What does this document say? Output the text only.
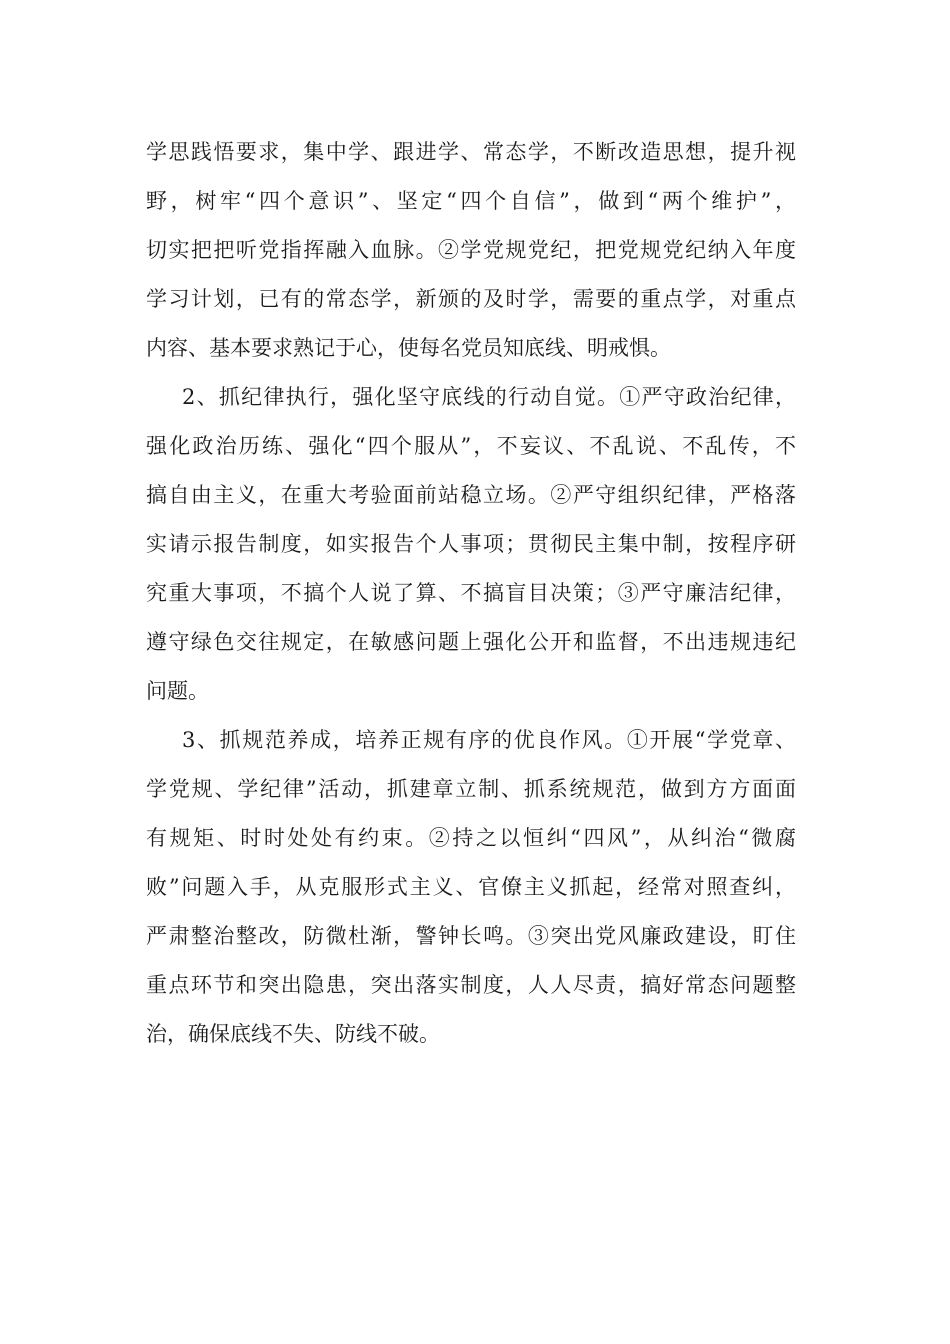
学思践悟要求，集中学、跟进学、常态学，不断改造思想，提升视
野，树牢“四个意识”、坚定“四个自信”，做到“两个维护”，
切实把把听党指挥融入血脉。②学党规党纪，把党规党纪纳入年度
学习计划，已有的常态学，新颁的及时学，需要的重点学，对重点
内容、基本要求熟记于心，使每名党员知底线、明戒惧。
2、抓纪律执行，强化坚守底线的行动自觉。①严守政治纪律，
强化政治历练、强化“四个服从”，不妄议、不乱说、不乱传，不
搞自由主义，在重大考验面前站稳立场。②严守组织纪律，严格落
实请示报告制度，如实报告个人事项；贯彻民主集中制，按程序研
究重大事项，不搞个人说了算、不搞盲目决策；③严守廉洁纪律，
遵守绿色交往规定，在敏感问题上强化公开和监督，不出违规违纪
问题。
3、抓规范养成，培养正规有序的优良作风。①开展“学党章、
学党规、学纪律”活动，抓建章立制、抓系统规范，做到方方面面
有规矩、时时处处有约束。②持之以恒纠“四风”，从纠治“微腐
败”问题入手，从克服形式主义、官僚主义抓起，经常对照查纠，
严肃整治整改，防微杜渐，警钟长鸣。③突出党风廉政建设，盯住
重点环节和突出隐患，突出落实制度，人人尽责，搞好常态问题整
治，确保底线不失、防线不破。
